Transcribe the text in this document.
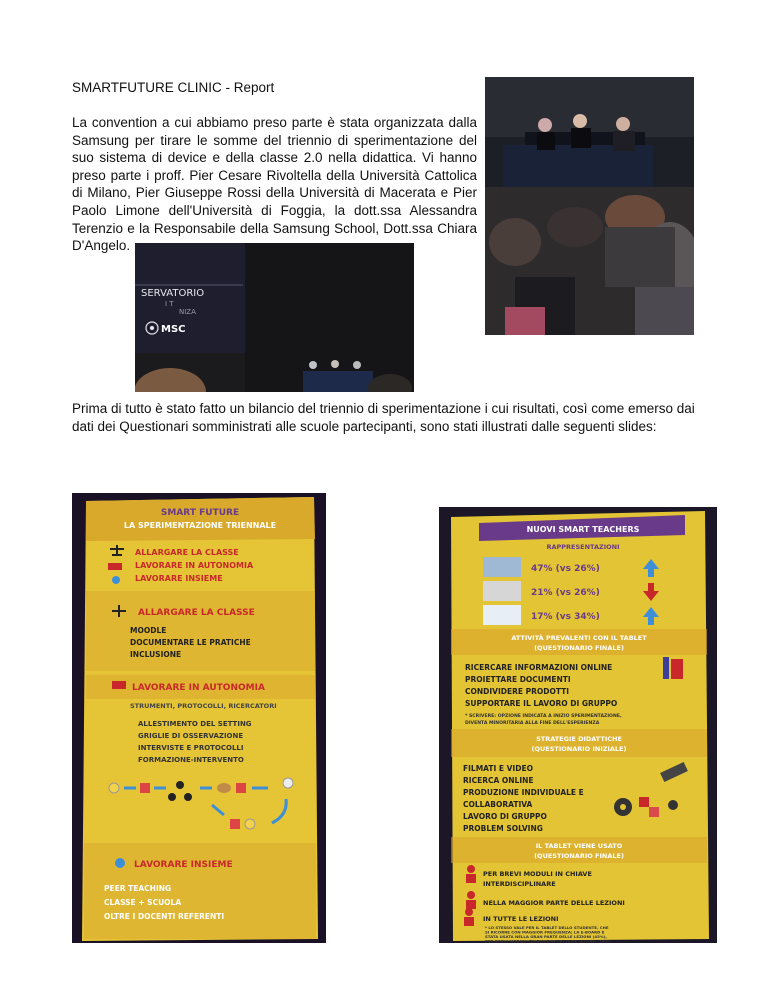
SMARTFUTURE CLINIC - Report
La convention a cui abbiamo preso parte è stata organizzata dalla Samsung per tirare le somme del triennio di sperimentazione del suo sistema di device e della classe 2.0 nella didattica. Vi hanno preso parte i proff. Pier Cesare Rivoltella della Università Cattolica di Milano, Pier Giuseppe Rossi della Università di Macerata e Pier Paolo Limone dell'Università di Foggia, la dott.ssa Alessandra Terenzio e la Responsabile della Samsung School, Dott.ssa Chiara D'Angelo.
Prima di tutto è stato fatto un bilancio del triennio di sperimentazione i cui risultati, così come emerso dai dati dei Questionari somministrati alle scuole partecipanti, sono stati illustrati dalle seguenti slides:
SERVATORIO
I T
NIZA
MSC
SMART FUTURE
LA SPERIMENTAZIONE TRIENNALE
ALLARGARE LA CLASSE
LAVORARE IN AUTONOMIA
LAVORARE INSIEME
ALLARGARE LA CLASSE
MOODLE
DOCUMENTARE LE PRATICHE
INCLUSIONE
LAVORARE IN AUTONOMIA
STRUMENTI, PROTOCOLLI, RICERCATORI
ALLESTIMENTO DEL SETTING
GRIGLIE DI OSSERVAZIONE
INTERVISTE E PROTOCOLLI
FORMAZIONE-INTERVENTO
LAVORARE INSIEME
PEER TEACHING
CLASSE + SCUOLA
OLTRE I DOCENTI REFERENTI
NUOVI SMART TEACHERS
RAPPRESENTAZIONI
47% (vs 26%)
21% (vs 26%)
17% (vs 34%)
ATTIVITÀ PREVALENTI CON IL TABLET
(QUESTIONARIO FINALE)
RICERCARE INFORMAZIONI ONLINE
PROIETTARE DOCUMENTI
CONDIVIDERE PRODOTTI
SUPPORTARE IL LAVORO DI GRUPPO
* SCRIVERE: OPZIONE INDICATA A INIZIO SPERIMENTAZIONE,
DIVENTA MINORITARIA ALLA FINE DELL'ESPERIENZA
STRATEGIE DIDATTICHE
(QUESTIONARIO INIZIALE)
FILMATI E VIDEO
RICERCA ONLINE
PRODUZIONE INDIVIDUALE E
COLLABORATIVA
LAVORO DI GRUPPO
PROBLEM SOLVING
IL TABLET VIENE USATO
(QUESTIONARIO FINALE)
PER BREVI MODULI IN CHIAVE
INTERDISCIPLINARE
NELLA MAGGIOR PARTE DELLE LEZIONI
IN TUTTE LE LEZIONI
* LO STESSO VALE PER IL TABLET DELLO STUDENTE, CHE
SI RICORRE CON MAGGIOR FREQUENZA; LA E-BOARD È
STATA USATA NELLA GRAN PARTE DELLE LEZIONI (45%),
PER BREVI MODULI (29,3%) E IN TUTTE LE LEZIONI (16%)
